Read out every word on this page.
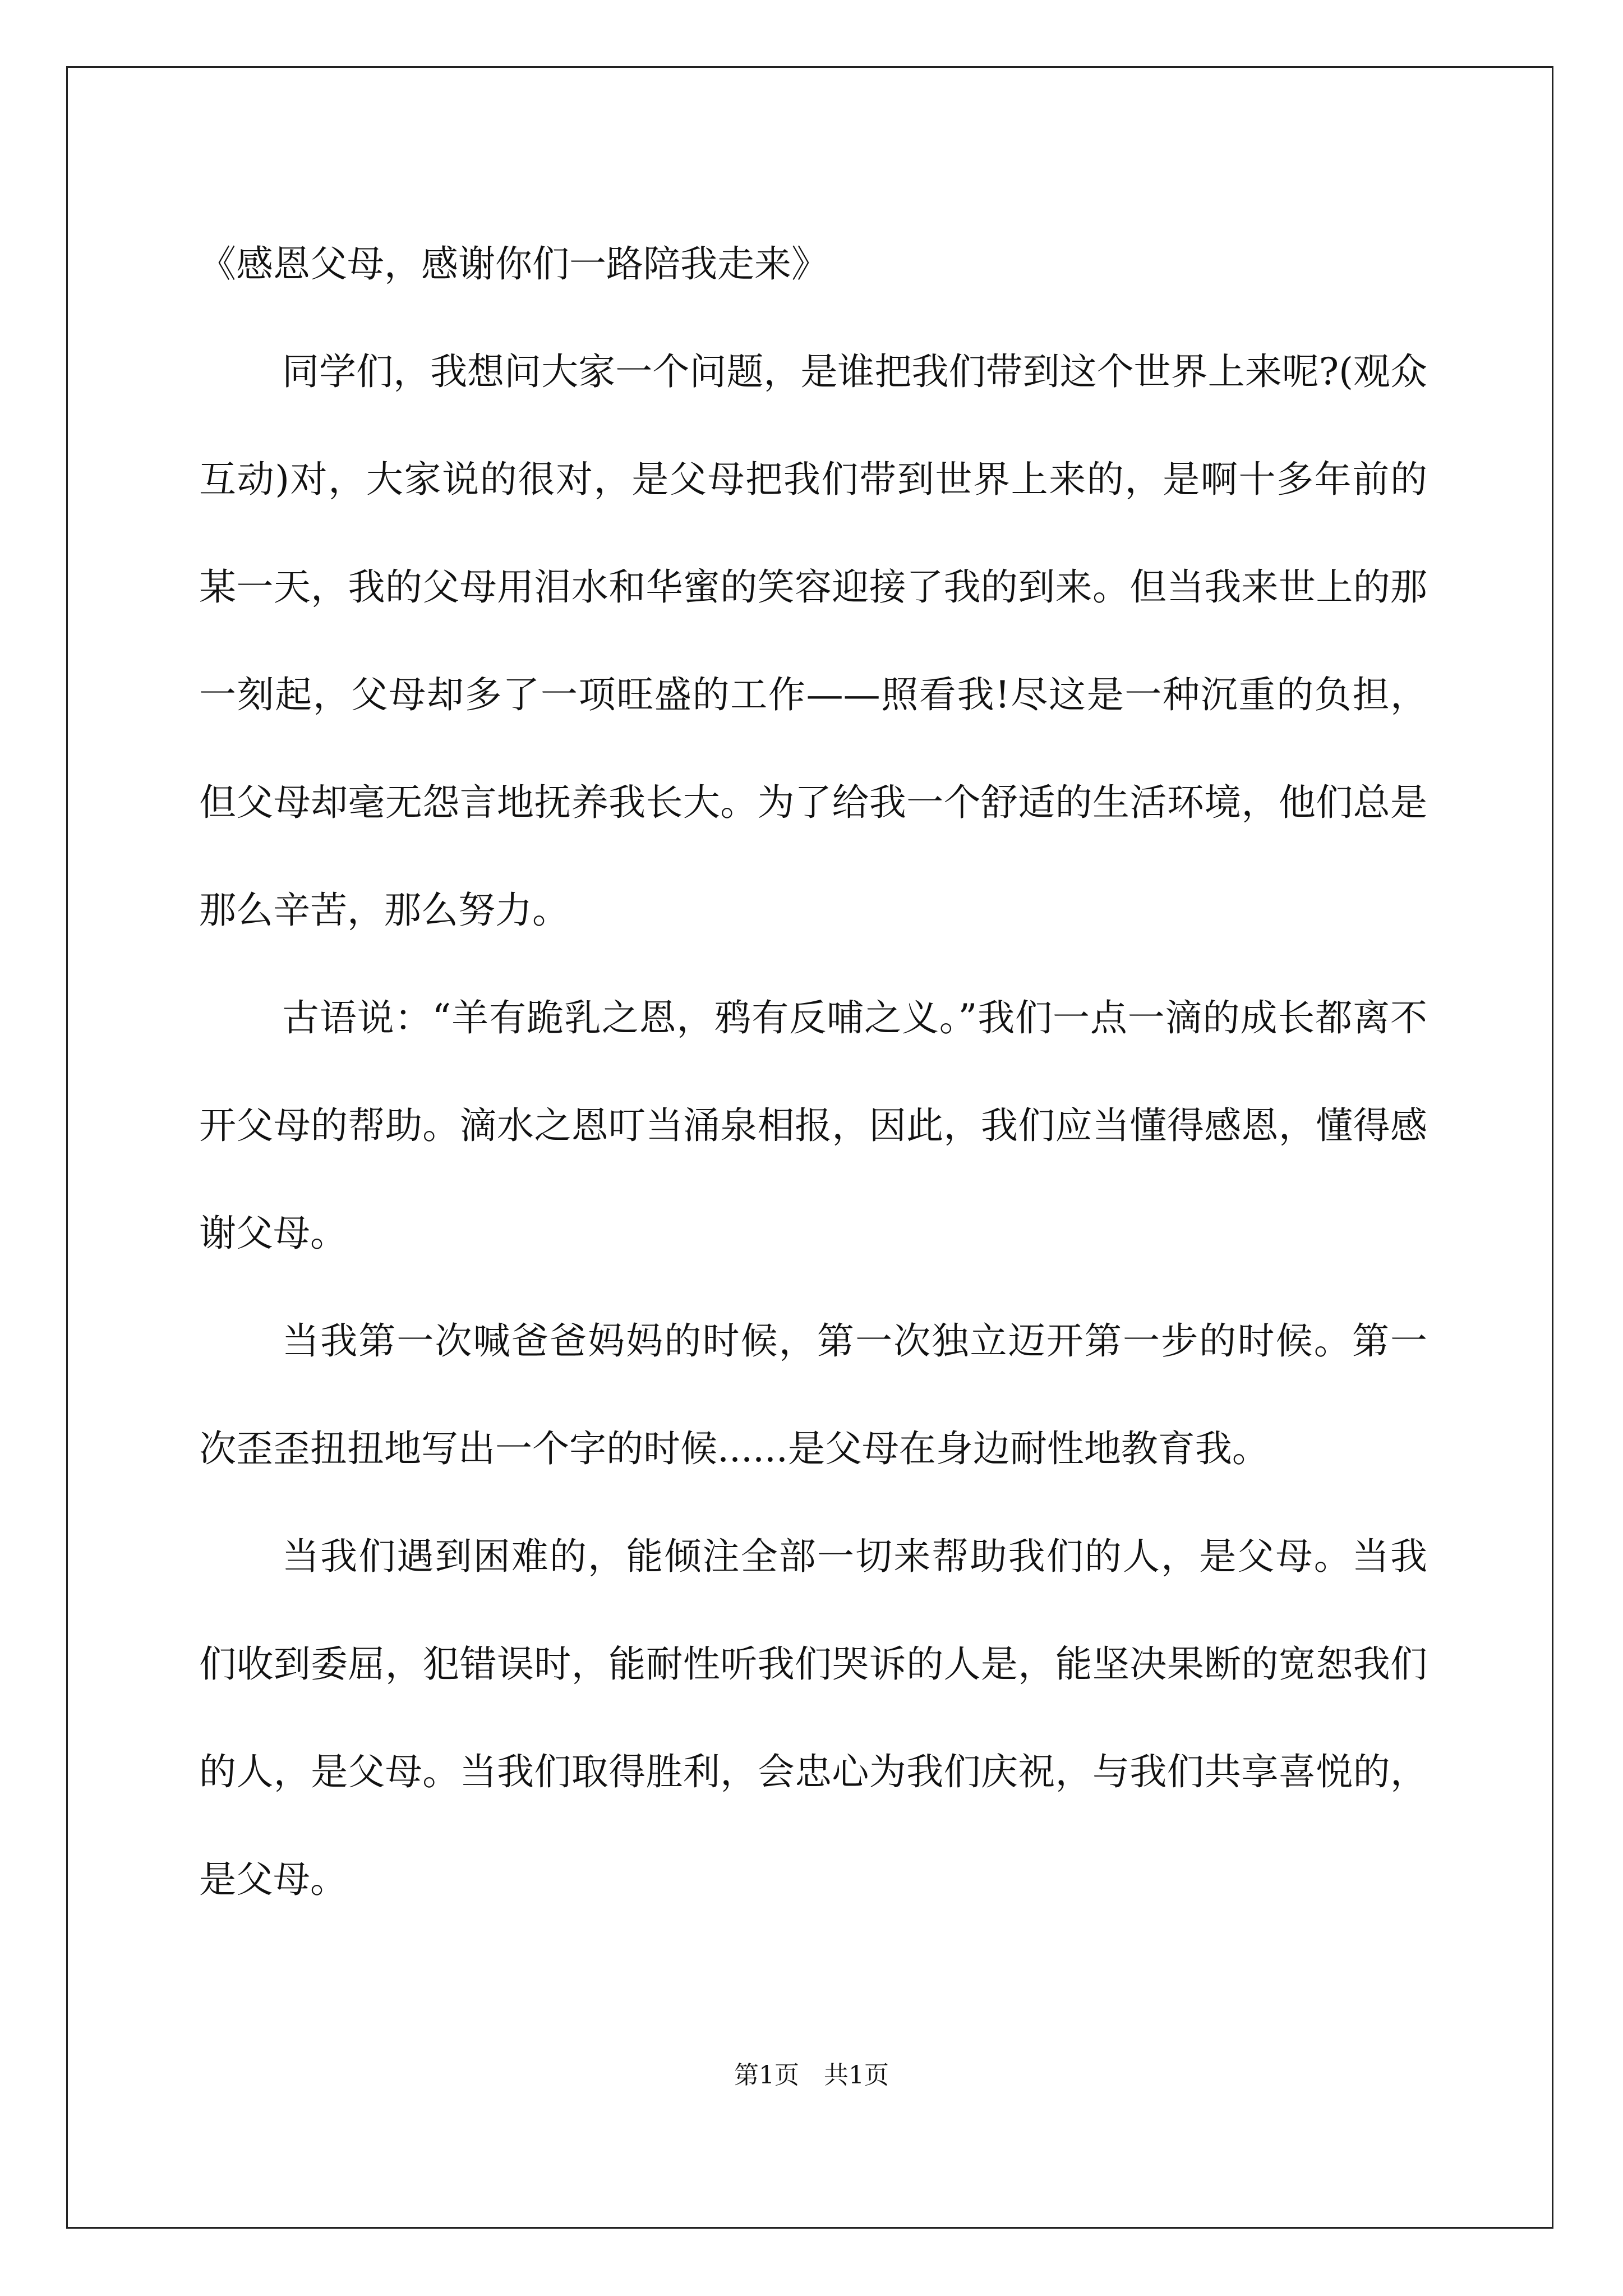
《感恩父母，感谢你们一路陪我走来》

同学们，我想问大家一个问题，是谁把我们带到这个世界上来呢?(观众互动)对，大家说的很对，是父母把我们带到世界上来的，是啊十多年前的某一天，我的父母用泪水和华蜜的笑容迎接了我的到来。但当我来世上的那一刻起，父母却多了一项旺盛的工作——照看我!尽这是一种沉重的负担，但父母却毫无怨言地抚养我长大。为了给我一个舒适的生活环境，他们总是那么辛苦，那么努力。

古语说：“羊有跪乳之恩，鸦有反哺之义。”我们一点一滴的成长都离不开父母的帮助。滴水之恩叮当涌泉相报，因此，我们应当懂得感恩，懂得感谢父母。

当我第一次喊爸爸妈妈的时候，第一次独立迈开第一步的时候。第一次歪歪扭扭地写出一个字的时候......是父母在身边耐性地教育我。

当我们遇到困难的，能倾注全部一切来帮助我们的人，是父母。当我们收到委屈，犯错误时，能耐性听我们哭诉的人是，能坚决果断的宽恕我们的人，是父母。当我们取得胜利，会忠心为我们庆祝，与我们共享喜悦的，是父母。

第1页　共1页
